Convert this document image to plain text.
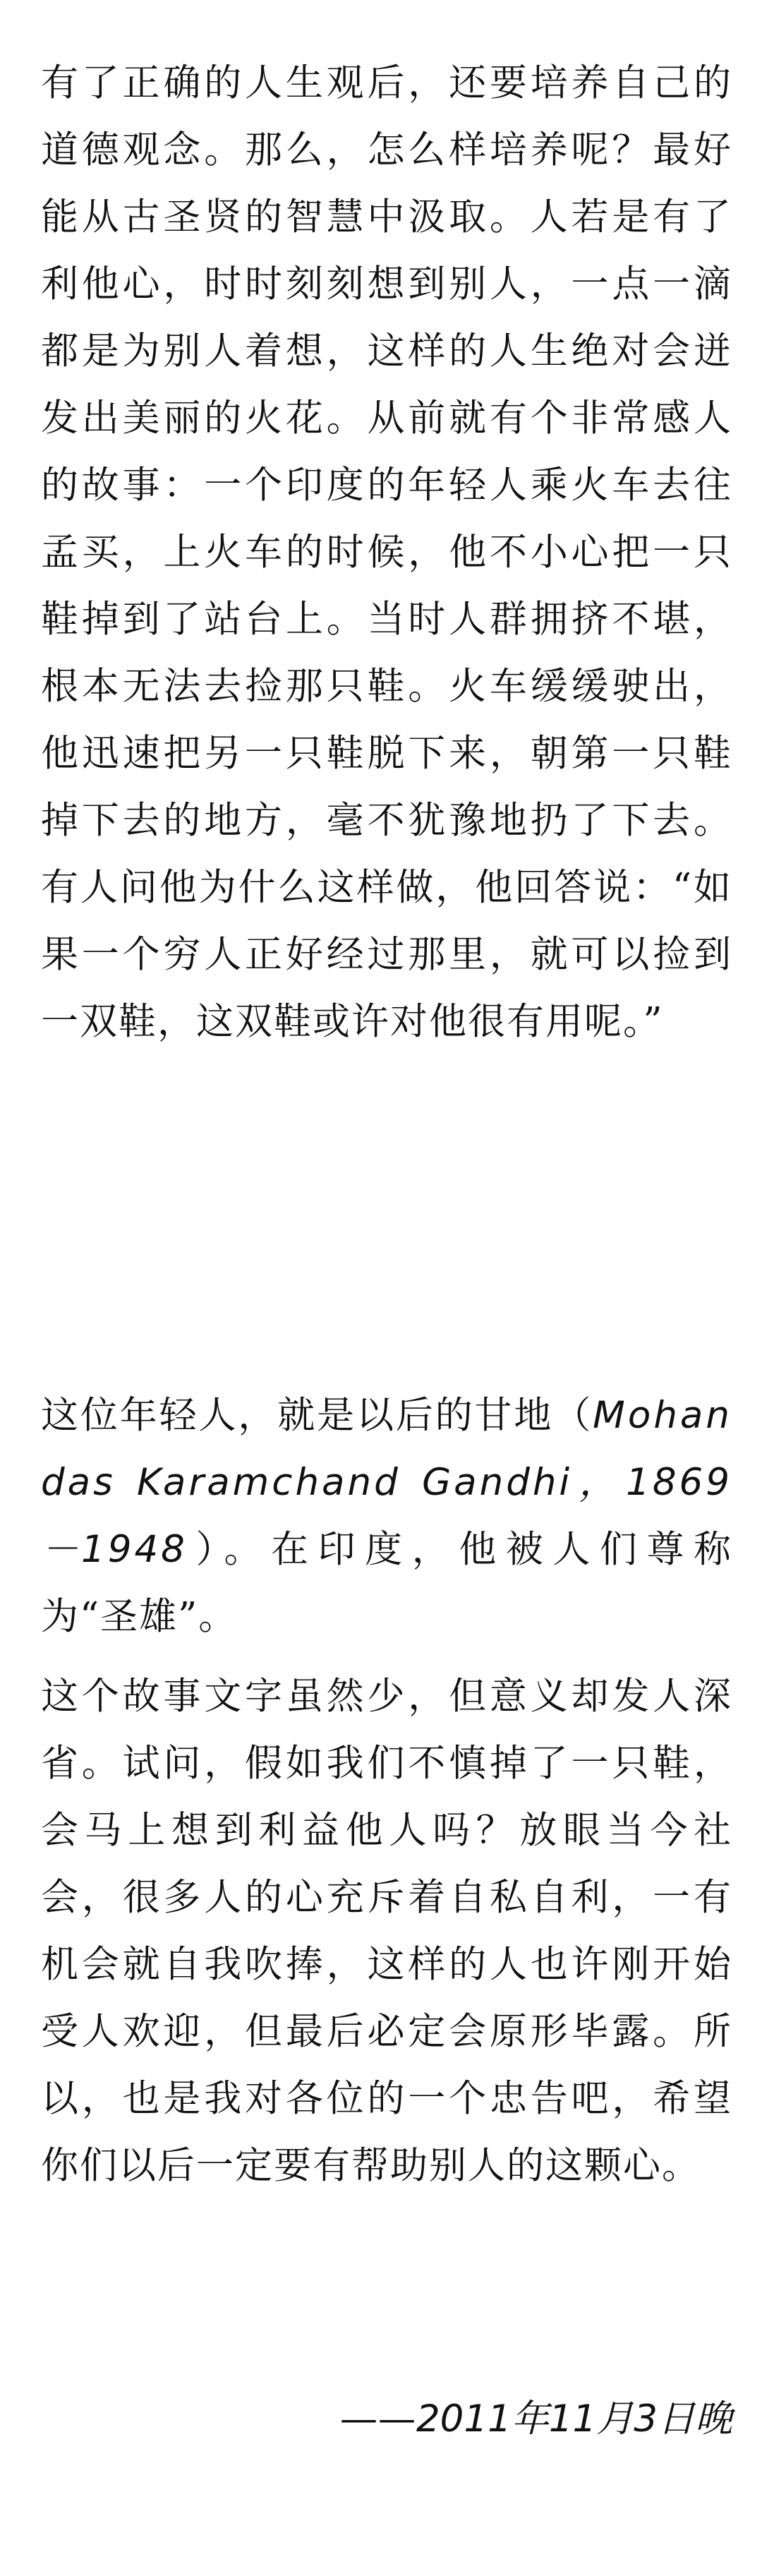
有了正确的人生观后，还要培养自己的道德观念。那么，怎么样培养呢？最好能从古圣贤的智慧中汲取。人若是有了利他心，时时刻刻想到别人，一点一滴都是为别人着想，这样的人生绝对会迸发出美丽的火花。从前就有个非常感人的故事：一个印度的年轻人乘火车去往孟买，上火车的时候，他不小心把一只鞋掉到了站台上。当时人群拥挤不堪，根本无法去捡那只鞋。火车缓缓驶出，他迅速把另一只鞋脱下来，朝第一只鞋掉下去的地方，毫不犹豫地扔了下去。有人问他为什么这样做，他回答说：“如果一个穷人正好经过那里，就可以捡到一双鞋，这双鞋或许对他很有用呢。”

这位年轻人，就是以后的甘地（Mohandas Karamchand Gandhi，1869－1948）。在印度，他被人们尊称为“圣雄”。

这个故事文字虽然少，但意义却发人深省。试问，假如我们不慎掉了一只鞋，会马上想到利益他人吗？放眼当今社会，很多人的心充斥着自私自利，一有机会就自我吹捧，这样的人也许刚开始受人欢迎，但最后必定会原形毕露。所以，也是我对各位的一个忠告吧，希望你们以后一定要有帮助别人的这颗心。

——2011年11月3日晚
